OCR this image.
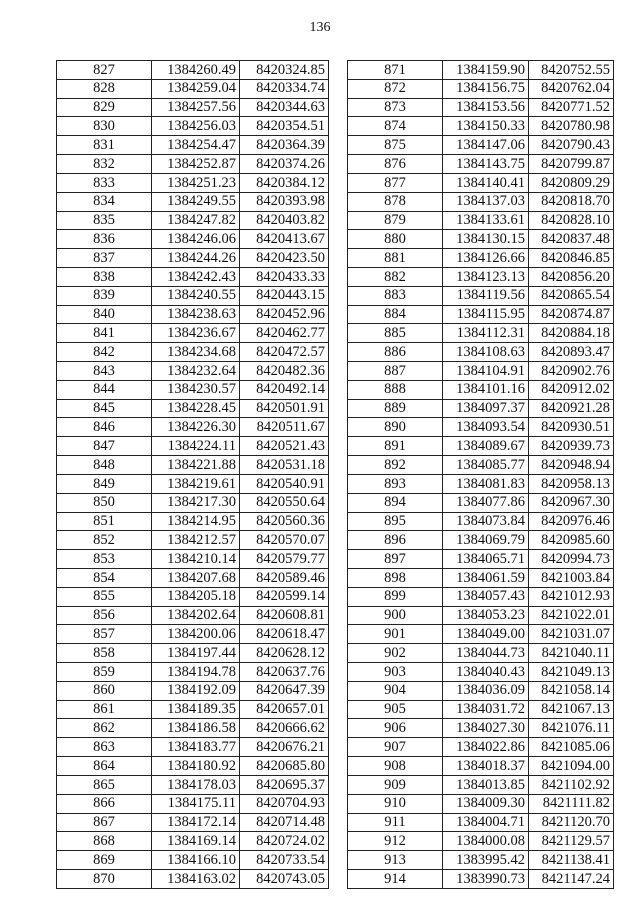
136
827	1384260.49	8420324.85
828	1384259.04	8420334.74
829	1384257.56	8420344.63
830	1384256.03	8420354.51
831	1384254.47	8420364.39
832	1384252.87	8420374.26
833	1384251.23	8420384.12
834	1384249.55	8420393.98
835	1384247.82	8420403.82
836	1384246.06	8420413.67
837	1384244.26	8420423.50
838	1384242.43	8420433.33
839	1384240.55	8420443.15
840	1384238.63	8420452.96
841	1384236.67	8420462.77
842	1384234.68	8420472.57
843	1384232.64	8420482.36
844	1384230.57	8420492.14
845	1384228.45	8420501.91
846	1384226.30	8420511.67
847	1384224.11	8420521.43
848	1384221.88	8420531.18
849	1384219.61	8420540.91
850	1384217.30	8420550.64
851	1384214.95	8420560.36
852	1384212.57	8420570.07
853	1384210.14	8420579.77
854	1384207.68	8420589.46
855	1384205.18	8420599.14
856	1384202.64	8420608.81
857	1384200.06	8420618.47
858	1384197.44	8420628.12
859	1384194.78	8420637.76
860	1384192.09	8420647.39
861	1384189.35	8420657.01
862	1384186.58	8420666.62
863	1384183.77	8420676.21
864	1384180.92	8420685.80
865	1384178.03	8420695.37
866	1384175.11	8420704.93
867	1384172.14	8420714.48
868	1384169.14	8420724.02
869	1384166.10	8420733.54
870	1384163.02	8420743.05
871	1384159.90	8420752.55
872	1384156.75	8420762.04
873	1384153.56	8420771.52
874	1384150.33	8420780.98
875	1384147.06	8420790.43
876	1384143.75	8420799.87
877	1384140.41	8420809.29
878	1384137.03	8420818.70
879	1384133.61	8420828.10
880	1384130.15	8420837.48
881	1384126.66	8420846.85
882	1384123.13	8420856.20
883	1384119.56	8420865.54
884	1384115.95	8420874.87
885	1384112.31	8420884.18
886	1384108.63	8420893.47
887	1384104.91	8420902.76
888	1384101.16	8420912.02
889	1384097.37	8420921.28
890	1384093.54	8420930.51
891	1384089.67	8420939.73
892	1384085.77	8420948.94
893	1384081.83	8420958.13
894	1384077.86	8420967.30
895	1384073.84	8420976.46
896	1384069.79	8420985.60
897	1384065.71	8420994.73
898	1384061.59	8421003.84
899	1384057.43	8421012.93
900	1384053.23	8421022.01
901	1384049.00	8421031.07
902	1384044.73	8421040.11
903	1384040.43	8421049.13
904	1384036.09	8421058.14
905	1384031.72	8421067.13
906	1384027.30	8421076.11
907	1384022.86	8421085.06
908	1384018.37	8421094.00
909	1384013.85	8421102.92
910	1384009.30	8421111.82
911	1384004.71	8421120.70
912	1384000.08	8421129.57
913	1383995.42	8421138.41
914	1383990.73	8421147.24
